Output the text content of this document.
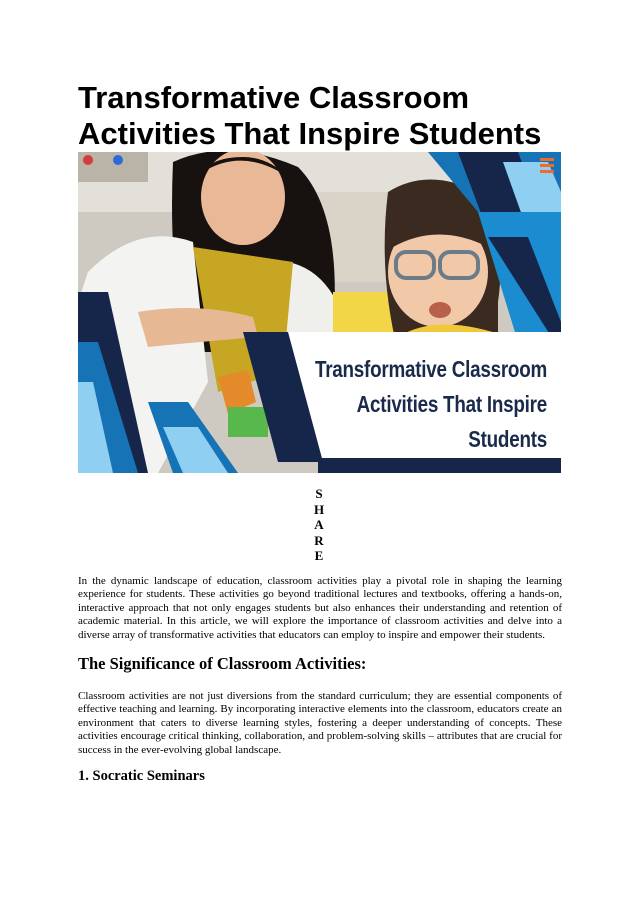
Transformative Classroom Activities That Inspire Students
Transformative Classroom
Activities That Inspire
Students
S
H
A
R
E

In the dynamic landscape of education, classroom activities play a pivotal role in shaping the learning experience for students. These activities go beyond traditional lectures and textbooks, offering a hands-on, interactive approach that not only engages students but also enhances their understanding and retention of academic material. In this article, we will explore the importance of classroom activities and delve into a diverse array of transformative activities that educators can employ to inspire and empower their students.

The Significance of Classroom Activities:

Classroom activities are not just diversions from the standard curriculum; they are essential components of effective teaching and learning. By incorporating interactive elements into the classroom, educators create an environment that caters to diverse learning styles, fostering a deeper understanding of concepts. These activities encourage critical thinking, collaboration, and problem-solving skills – attributes that are crucial for success in the ever-evolving global landscape.

1. Socratic Seminars
